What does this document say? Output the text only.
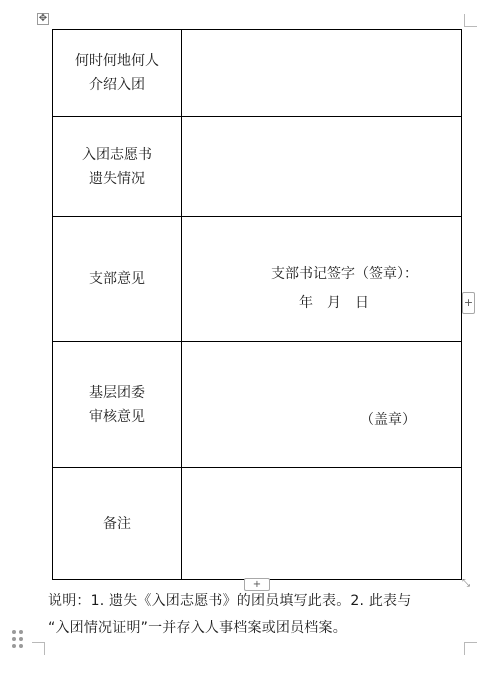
✥
何时何地何人
介绍入团	

入团志愿书
遗失情况	

支部意见	支部书记签字（签章）：
年　月　日

基层团委
审核意见	（盖章）

备注	

+
+	⤡
说明：1. 遗失《入团志愿书》的团员填写此表。2. 此表与
“入团情况证明”一并存入人事档案或团员档案。
